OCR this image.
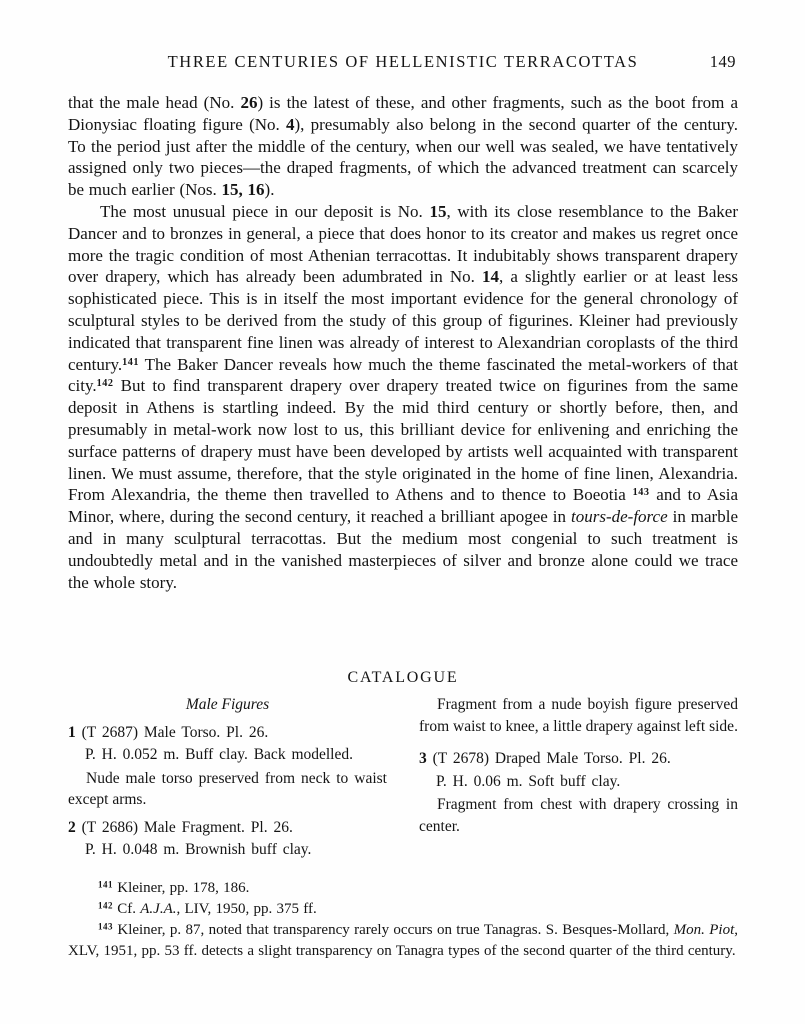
THREE CENTURIES OF HELLENISTIC TERRACOTTAS	149

that the male head (No. 26) is the latest of these, and other fragments, such as the boot from a Dionysiac floating figure (No. 4), presumably also belong in the second quarter of the century. To the period just after the middle of the century, when our well was sealed, we have tentatively assigned only two pieces—the draped fragments, of which the advanced treatment can scarcely be much earlier (Nos. 15, 16).

The most unusual piece in our deposit is No. 15, with its close resemblance to the Baker Dancer and to bronzes in general, a piece that does honor to its creator and makes us regret once more the tragic condition of most Athenian terracottas. It indubitably shows transparent drapery over drapery, which has already been adumbrated in No. 14, a slightly earlier or at least less sophisticated piece. This is in itself the most important evidence for the general chronology of sculptural styles to be derived from the study of this group of figurines. Kleiner had previously indicated that transparent fine linen was already of interest to Alexandrian coroplasts of the third century.$^{141}$ The Baker Dancer reveals how much the theme fascinated the metal-workers of that city.$^{142}$ But to find transparent drapery over drapery treated twice on figurines from the same deposit in Athens is startling indeed. By the mid third century or shortly before, then, and presumably in metal-work now lost to us, this brilliant device for enlivening and enriching the surface patterns of drapery must have been developed by artists well acquainted with transparent linen. We must assume, therefore, that the style originated in the home of fine linen, Alexandria. From Alexandria, the theme then travelled to Athens and to thence to Boeotia $^{143}$ and to Asia Minor, where, during the second century, it reached a brilliant apogee in tours-de-force in marble and in many sculptural terracottas. But the medium most congenial to such treatment is undoubtedly metal and in the vanished masterpieces of silver and bronze alone could we trace the whole story.

CATALOGUE
Male Figures

1 (T 2687) Male Torso. Pl. 26.

P. H. 0.052 m. Buff clay. Back modelled.

Nude male torso preserved from neck to waist except arms.

2 (T 2686) Male Fragment. Pl. 26.

P. H. 0.048 m. Brownish buff clay.

Fragment from a nude boyish figure preserved from waist to knee, a little drapery against left side.

3 (T 2678) Draped Male Torso. Pl. 26.

P. H. 0.06 m. Soft buff clay.

Fragment from chest with drapery crossing in center.

$^{141}$ Kleiner, pp. 178, 186.

$^{142}$ Cf. A.J.A., LIV, 1950, pp. 375 ff.

$^{143}$ Kleiner, p. 87, noted that transparency rarely occurs on true Tanagras. S. Besques-Mollard, Mon. Piot, XLV, 1951, pp. 53 ff. detects a slight transparency on Tanagra types of the second quarter of the third century.
